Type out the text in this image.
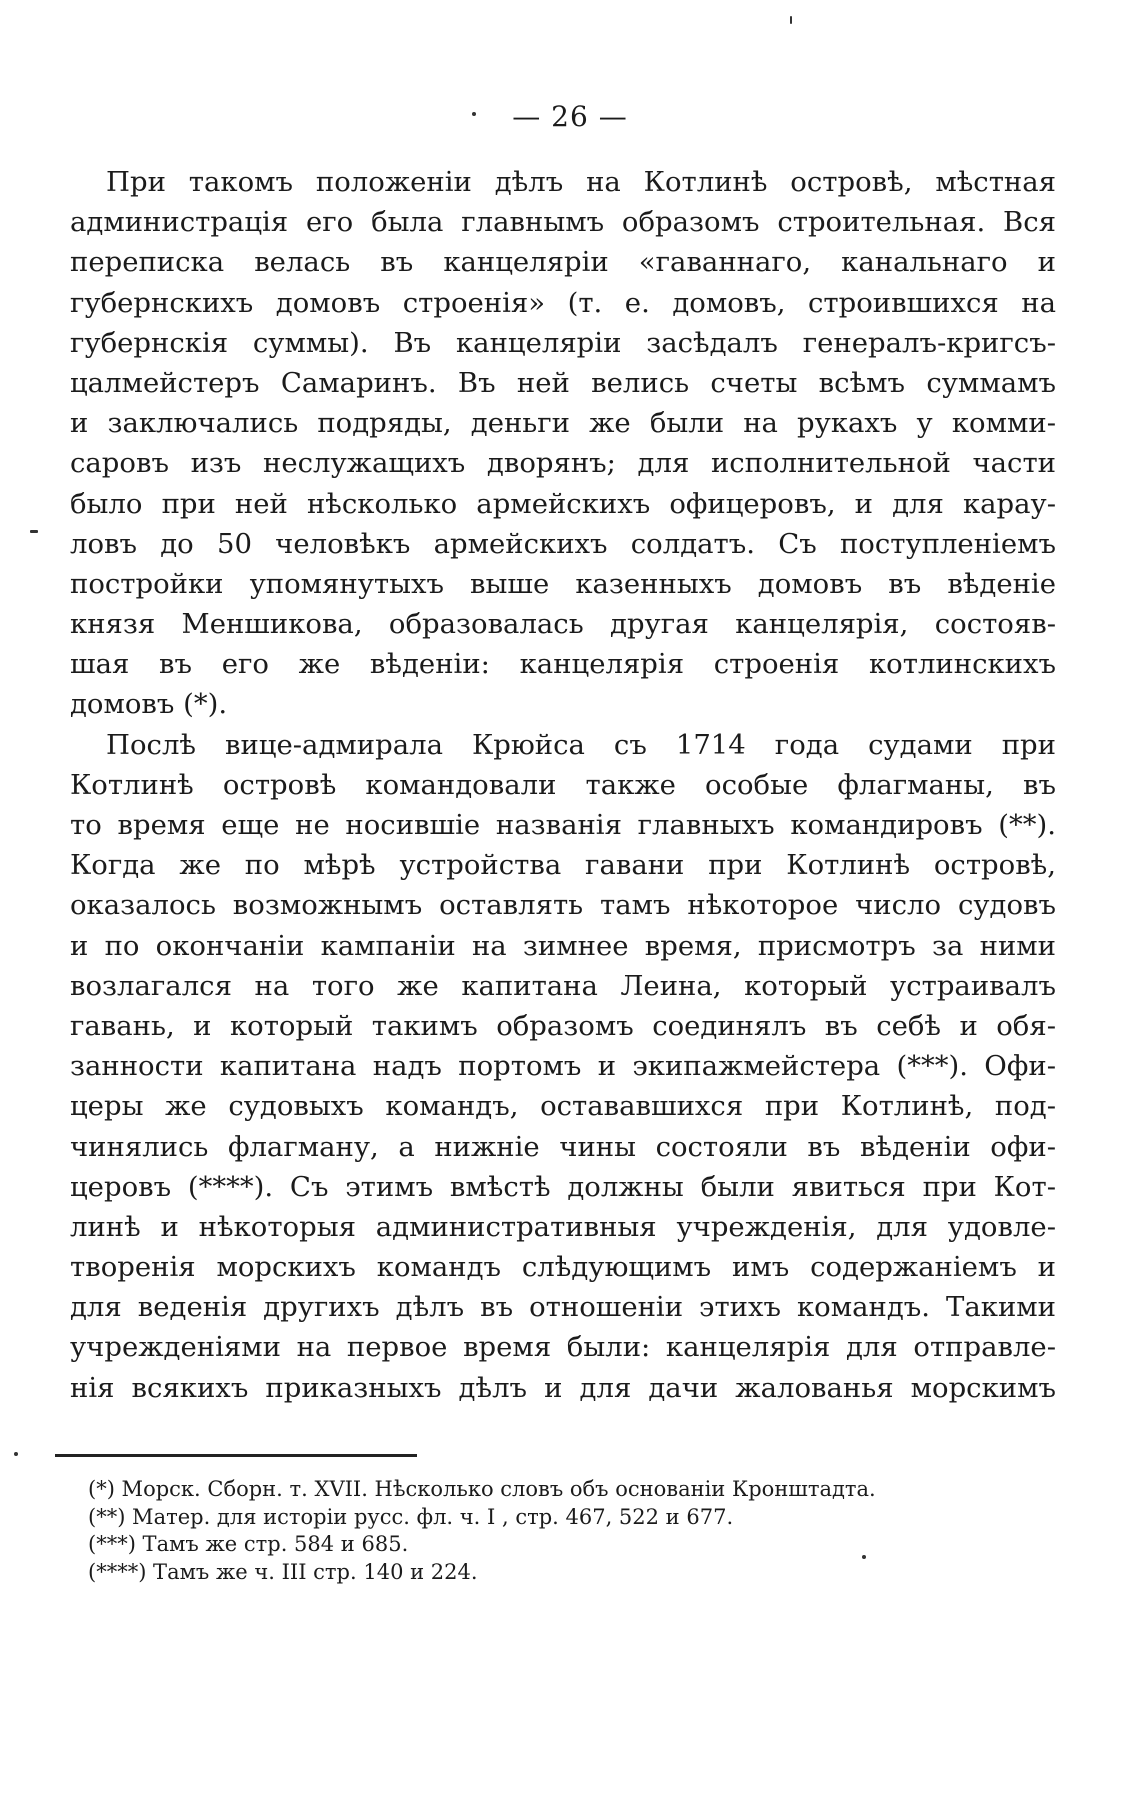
— 26 —
При такомъ положеніи дѣлъ на Котлинѣ островѣ, мѣстная
администрація его была главнымъ образомъ строительная. Вся
переписка велась въ канцеляріи «гаваннаго, канальнаго и
губернскихъ домовъ строенія» (т. е. домовъ, строившихся на
губернскія суммы). Въ канцеляріи засѣдалъ генералъ-кригсъ-
цалмейстеръ Самаринъ. Въ ней велись счеты всѣмъ суммамъ
и заключались подряды, деньги же были на рукахъ у комми-
саровъ изъ неслужащихъ дворянъ; для исполнительной части
было при ней нѣсколько армейскихъ офицеровъ, и для карау-
ловъ до 50 человѣкъ армейскихъ солдатъ. Съ поступленіемъ
постройки упомянутыхъ выше казенныхъ домовъ въ вѣденіе
князя Меншикова, образовалась другая канцелярія, состояв-
шая въ его же вѣденіи: канцелярія строенія котлинскихъ
домовъ (*).
Послѣ вице-адмирала Крюйса съ 1714 года судами при
Котлинѣ островѣ командовали также особые флагманы, въ
то время еще не носившіе названія главныхъ командировъ (**).
Когда же по мѣрѣ устройства гавани при Котлинѣ островѣ,
оказалось возможнымъ оставлять тамъ нѣкоторое число судовъ
и по окончаніи кампаніи на зимнее время, присмотръ за ними
возлагался на того же капитана Леина, который устраивалъ
гавань, и который такимъ образомъ соединялъ въ себѣ и обя-
занности капитана надъ портомъ и экипажмейстера (***). Офи-
церы же судовыхъ командъ, остававшихся при Котлинѣ, под-
чинялись флагману, а нижніе чины состояли въ вѣденіи офи-
церовъ (****). Съ этимъ вмѣстѣ должны были явиться при Кот-
линѣ и нѣкоторыя административныя учрежденія, для удовле-
творенія морскихъ командъ слѣдующимъ имъ содержаніемъ и
для веденія другихъ дѣлъ въ отношеніи этихъ командъ. Такими
учрежденіями на первое время были: канцелярія для отправле-
нія всякихъ приказныхъ дѣлъ и для дачи жалованья морскимъ
(*) Морск. Сборн. т. XVII. Нѣсколько словъ объ основаніи Кронштадта.
(**) Матер. для исторіи русс. фл. ч. I , стр. 467, 522 и 677.
(***) Тамъ же стр. 584 и 685.
(****) Тамъ же ч. III стр. 140 и 224.
